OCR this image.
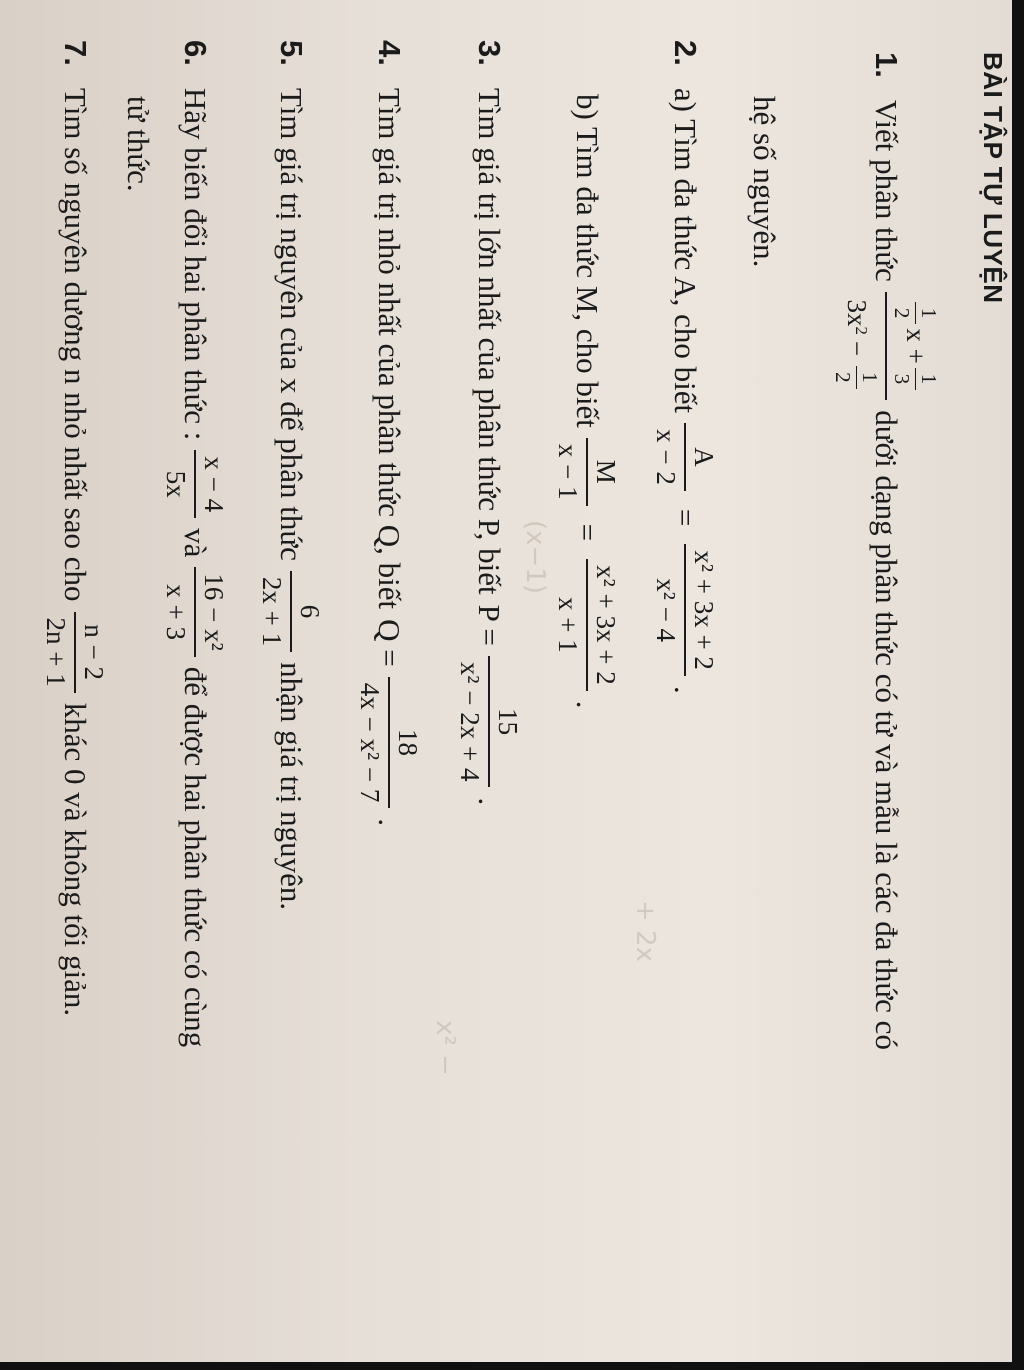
BÀI TẬP TỰ LUYỆN
1.
Viết phân thức
1
2
x +
1
3
3x
$^2$
−
1
2
dưới dạng phân thức có tử và mẫu là các đa thức có
hệ số nguyên.
2.
a) Tìm đa thức A, cho biết
A
x − 2
=
x² + 3x + 2
x² − 4
.
b) Tìm đa thức M, cho biết
M
x − 1
=
x² + 3x + 2
x + 1
.
3.
Tìm giá trị lớn nhất của phân thức P, biết
P =
15
x² − 2x + 4
.
4.
Tìm giá trị nhỏ nhất của phân thức Q, biết
Q =
18
4x − x² − 7
.
5.
Tìm giá trị nguyên của x để phân thức
6
2x + 1
nhận giá trị nguyên.
6.
Hãy biến đổi hai phân thức :
x − 4
5x
và
16 − x²
x + 3
để được hai phân thức có cùng
tử thức.
7.
Tìm số nguyên dương n nhỏ nhất sao cho
n − 2
2n + 1
khác 0 và không tối giản.
(x−1)
+ 2x
x² −
